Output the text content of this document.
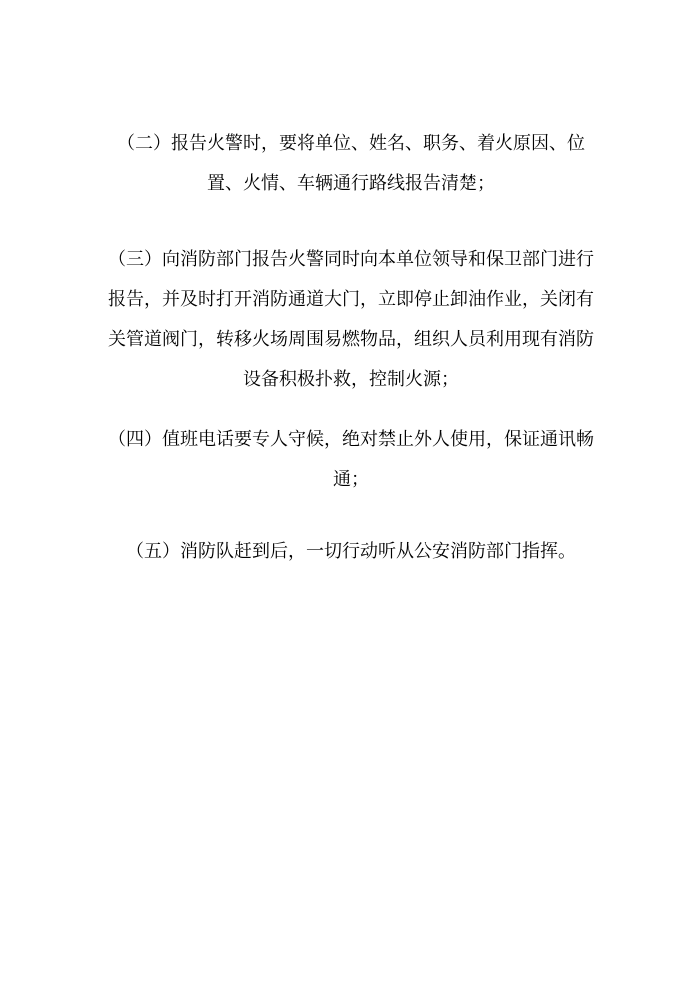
（二）报告火警时，要将单位、姓名、职务、着火原因、位置、火情、车辆通行路线报告清楚；

（三）向消防部门报告火警同时向本单位领导和保卫部门进行报告，并及时打开消防通道大门，立即停止卸油作业，关闭有关管道阀门，转移火场周围易燃物品，组织人员利用现有消防设备积极扑救，控制火源；

（四）值班电话要专人守候，绝对禁止外人使用，保证通讯畅通；

（五）消防队赶到后，一切行动听从公安消防部门指挥。
